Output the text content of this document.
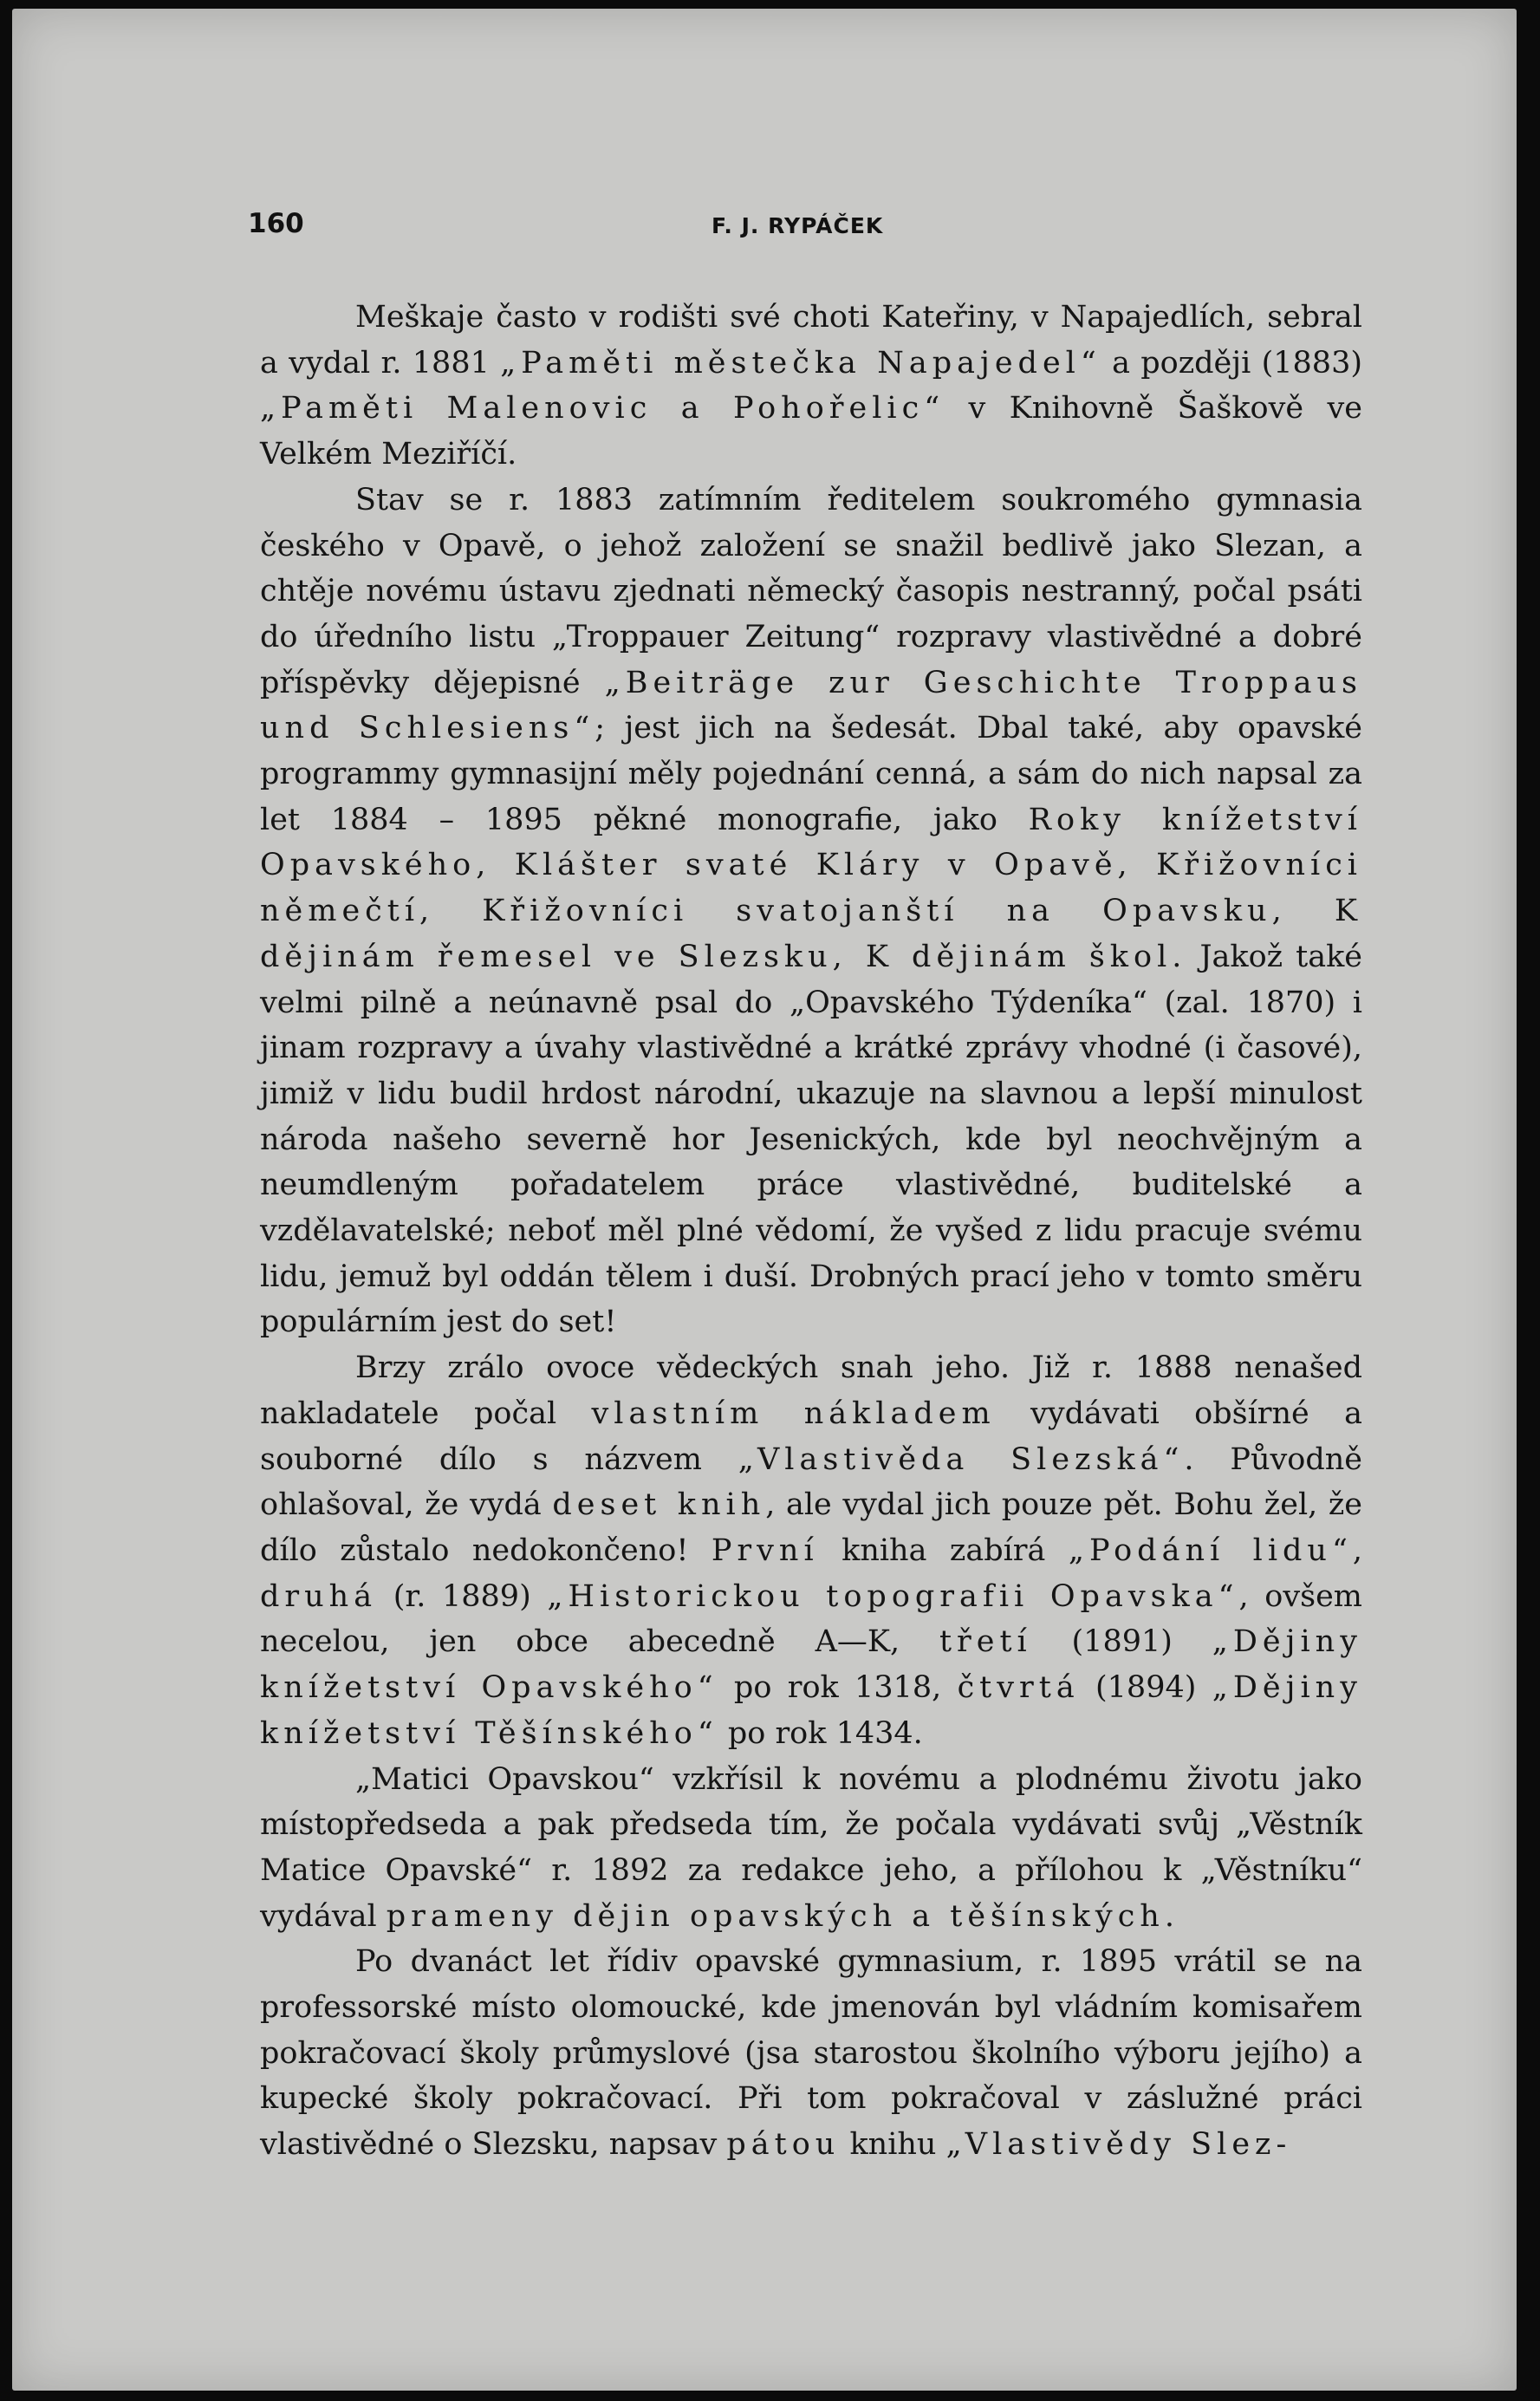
160	F. J. RYPÁČEK

Meškaje často v rodišti své choti Kateřiny, v Napajedlích, sebral a vydal r. 1881 „Paměti městečka Napajedel“ a později (1883) „Paměti Malenovic a Pohořelic“ v Knihovně Šaškově ve Velkém Meziříčí.

Stav se r. 1883 zatímním ředitelem soukromého gymnasia českého v Opavě, o jehož založení se snažil bedlivě jako Slezan, a chtěje novému ústavu zjednati německý časopis nestranný, počal psáti do úředního listu „Troppauer Zeitung“ rozpravy vlastivědné a dobré příspěvky dějepisné „Beiträge zur Geschichte Troppaus und Schlesiens“; jest jich na šedesát. Dbal také, aby opavské programmy gymnasijní měly pojednání cenná, a sám do nich napsal za let 1884 – 1895 pěkné monografie, jako Roky knížetství Opavského, Klášter svaté Kláry v Opavě, Křižovníci němečtí, Křižovníci svatojanští na Opavsku, K dějinám řemesel ve Slezsku, K dějinám škol. Jakož také velmi pilně a neúnavně psal do „Opavského Týdeníka“ (zal. 1870) i jinam rozpravy a úvahy vlastivědné a krátké zprávy vhodné (i časové), jimiž v lidu budil hrdost národní, ukazuje na slavnou a lepší minulost národa našeho severně hor Jesenických, kde byl neochvějným a neumdleným pořadatelem práce vlastivědné, buditelské a vzdělavatelské; neboť měl plné vědomí, že vyšed z lidu pracuje svému lidu, jemuž byl oddán tělem i duší. Drobných prací jeho v tomto směru populárním jest do set!

Brzy zrálo ovoce vědeckých snah jeho. Již r. 1888 nenašed nakladatele počal vlastním nákladem vydávati obšírné a souborné dílo s názvem „Vlastivěda Slezská“. Původně ohlašoval, že vydá deset knih, ale vydal jich pouze pět. Bohu žel, že dílo zůstalo nedokončeno! První kniha zabírá „Podání lidu“, druhá (r. 1889) „Historickou topografii Opavska“, ovšem necelou, jen obce abecedně A—K, třetí (1891) „Dějiny knížetství Opavského“ po rok 1318, čtvrtá (1894) „Dějiny knížetství Těšínského“ po rok 1434.

„Matici Opavskou“ vzkřísil k novému a plodnému životu jako místopředseda a pak předseda tím, že počala vydávati svůj „Věstník Matice Opavské“ r. 1892 za redakce jeho, a přílohou k „Věstníku“ vydával prameny dějin opavských a těšínských.

Po dvanáct let řídiv opavské gymnasium, r. 1895 vrátil se na professorské místo olomoucké, kde jmenován byl vládním komisařem pokračovací školy průmyslové (jsa starostou školního výboru jejího) a kupecké školy pokračovací. Při tom pokračoval v záslužné práci vlastivědné o Slezsku, napsav pátou knihu „Vlastivědy Slez-
